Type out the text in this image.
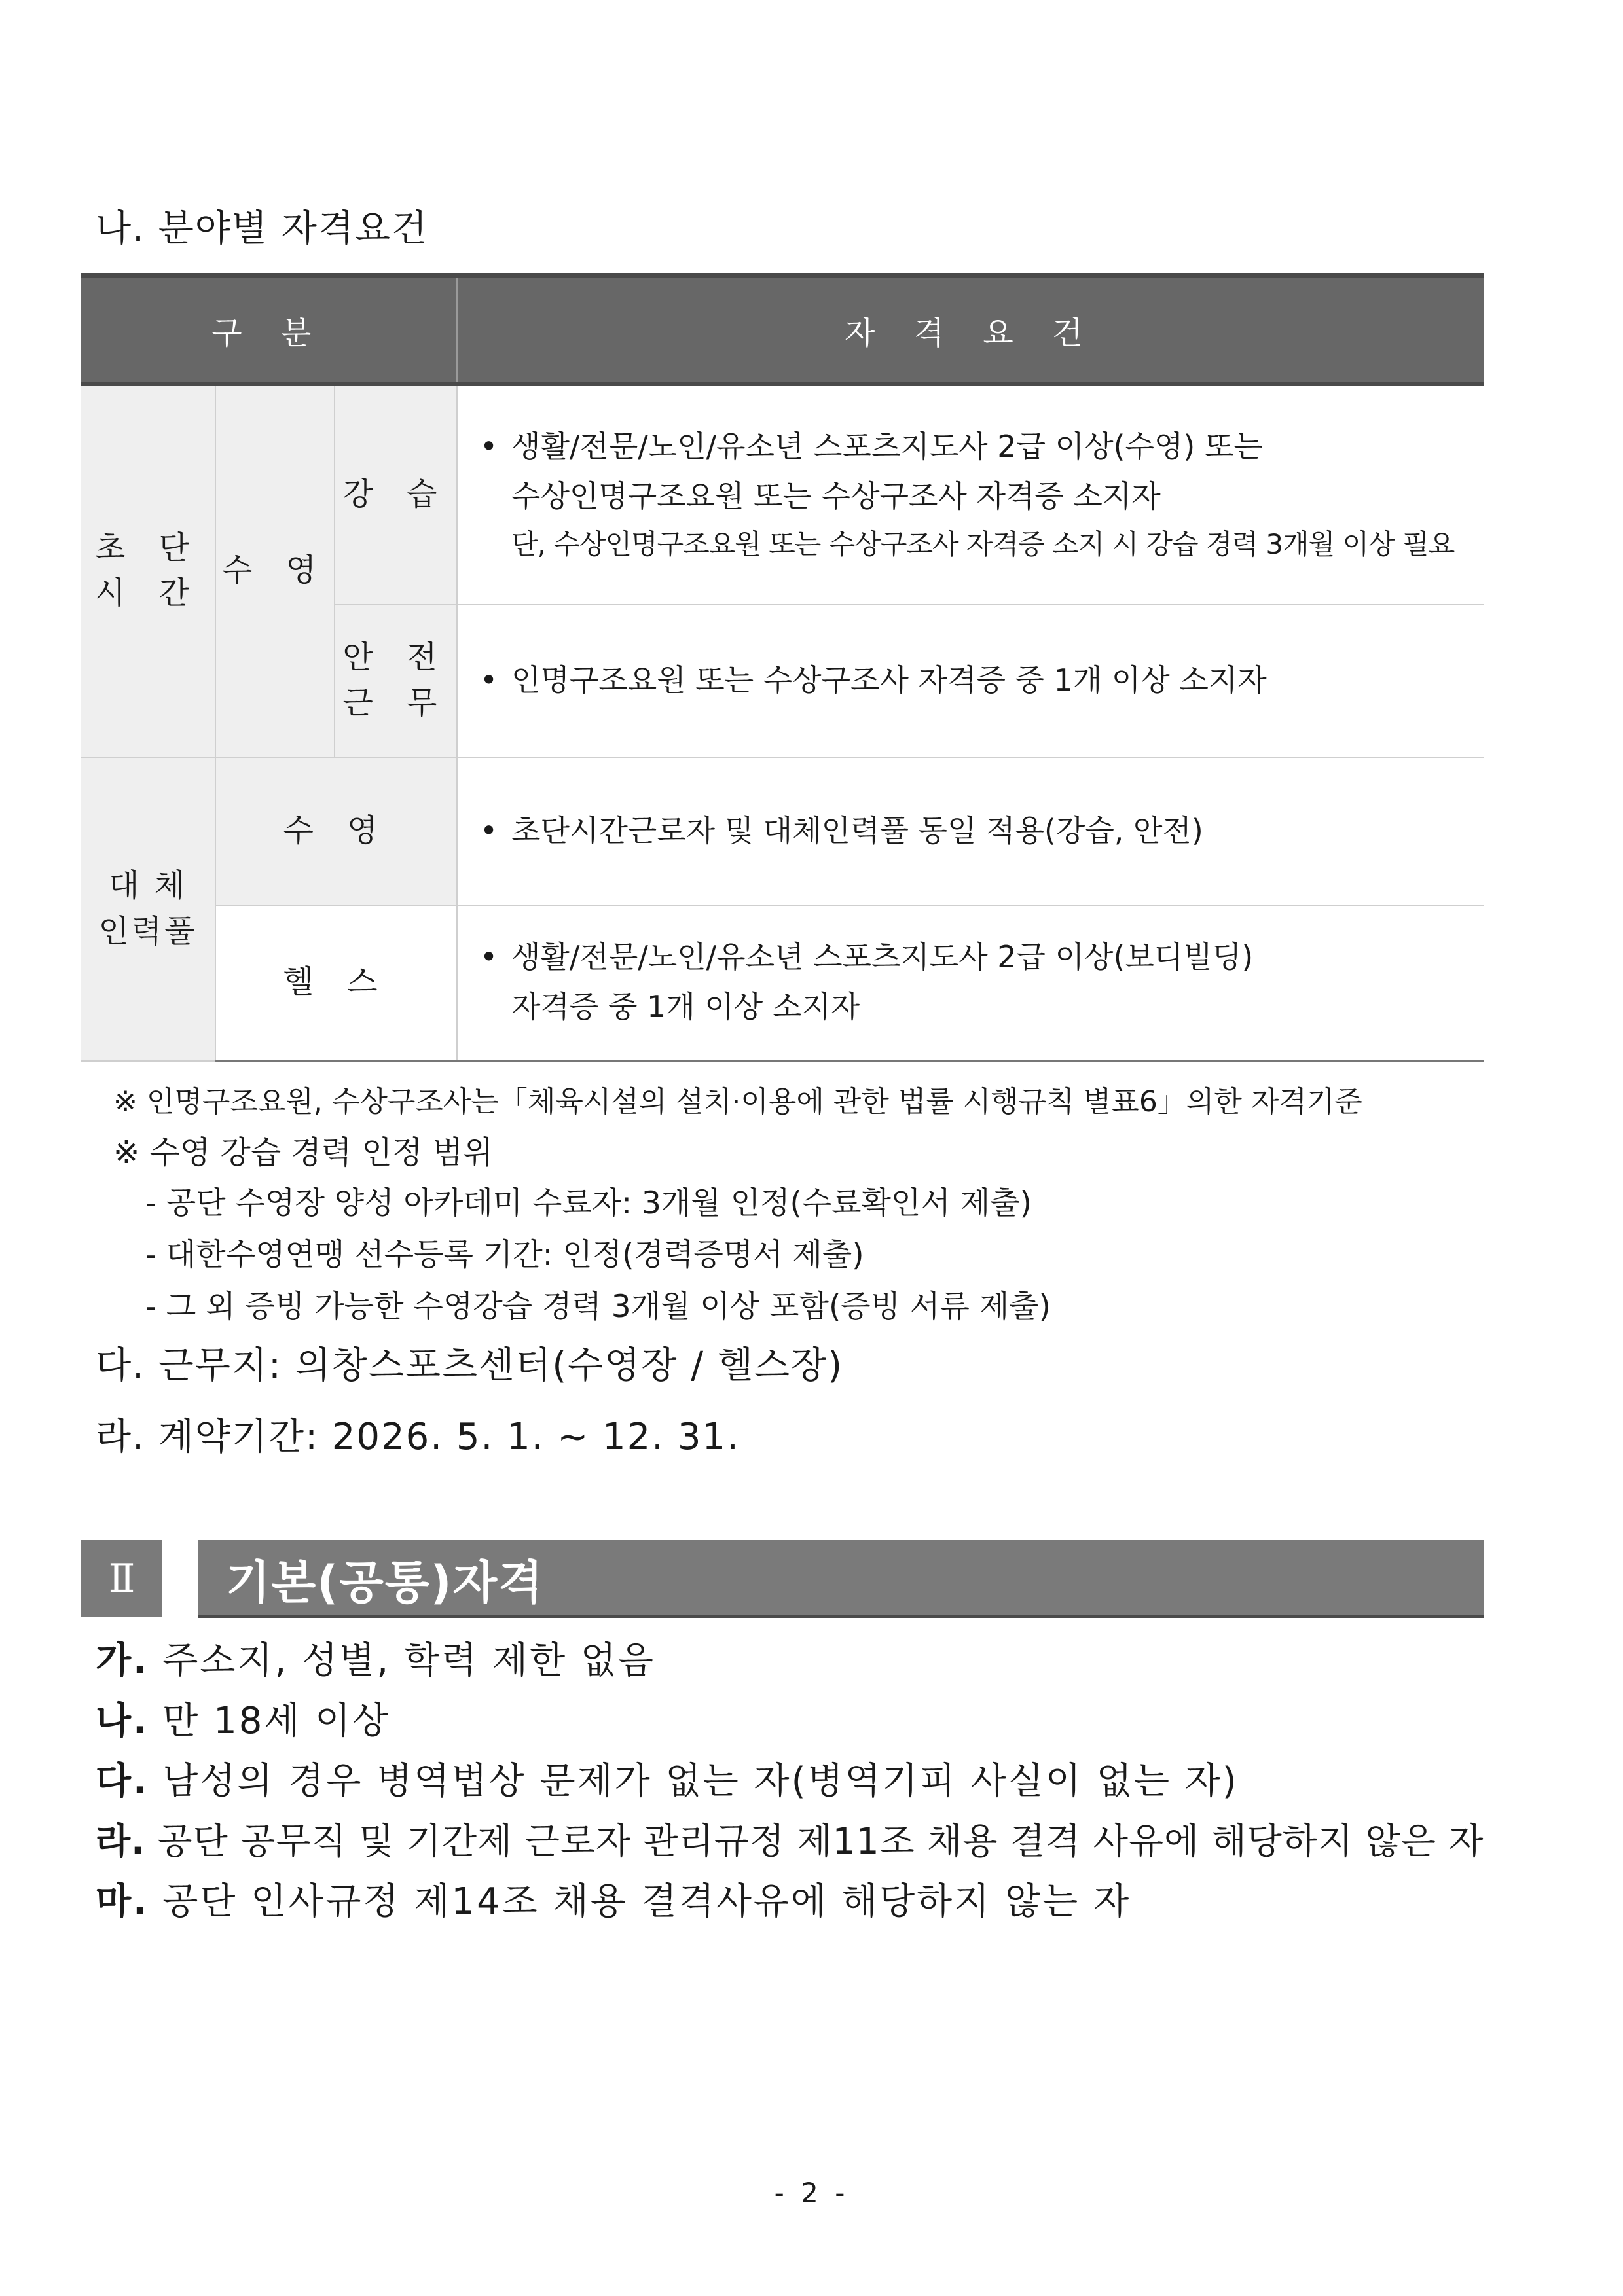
나. 분야별 자격요건
구 분			자 격 요 건
초 단
시 간	수 영	강 습	• 생활/전문/노인/유소년 스포츠지도사 2급 이상(수영) 또는
수상인명구조요원 또는 수상구조사 자격증 소지자
단, 수상인명구조요원 또는 수상구조사 자격증 소지 시 강습 경력 3개월 이상 필요

		안 전
근 무	• 인명구조요원 또는 수상구조사 자격증 중 1개 이상 소지자

대 체
인력풀	수 영		• 초단시간근로자 및 대체인력풀 동일 적용(강습, 안전)

	헬 스		• 생활/전문/노인/유소년 스포츠지도사 2급 이상(보디빌딩)
자격증 중 1개 이상 소지자
※ 인명구조요원, 수상구조사는「체육시설의 설치·이용에 관한 법률 시행규칙 별표6」의한 자격기준
※ 수영 강습 경력 인정 범위
- 공단 수영장 양성 아카데미 수료자: 3개월 인정(수료확인서 제출)
- 대한수영연맹 선수등록 기간: 인정(경력증명서 제출)
- 그 외 증빙 가능한 수영강습 경력 3개월 이상 포함(증빙 서류 제출)
다. 근무지: 의창스포츠센터(수영장 / 헬스장)
라. 계약기간: 2026. 5. 1. ~ 12. 31.
Ⅱ	기본(공통)자격
가. 주소지, 성별, 학력 제한 없음
나. 만 18세 이상
다. 남성의 경우 병역법상 문제가 없는 자(병역기피 사실이 없는 자)
라. 공단 공무직 및 기간제 근로자 관리규정 제11조 채용 결격 사유에 해당하지 않은 자
마. 공단 인사규정 제14조 채용 결격사유에 해당하지 않는 자
- 2 -
